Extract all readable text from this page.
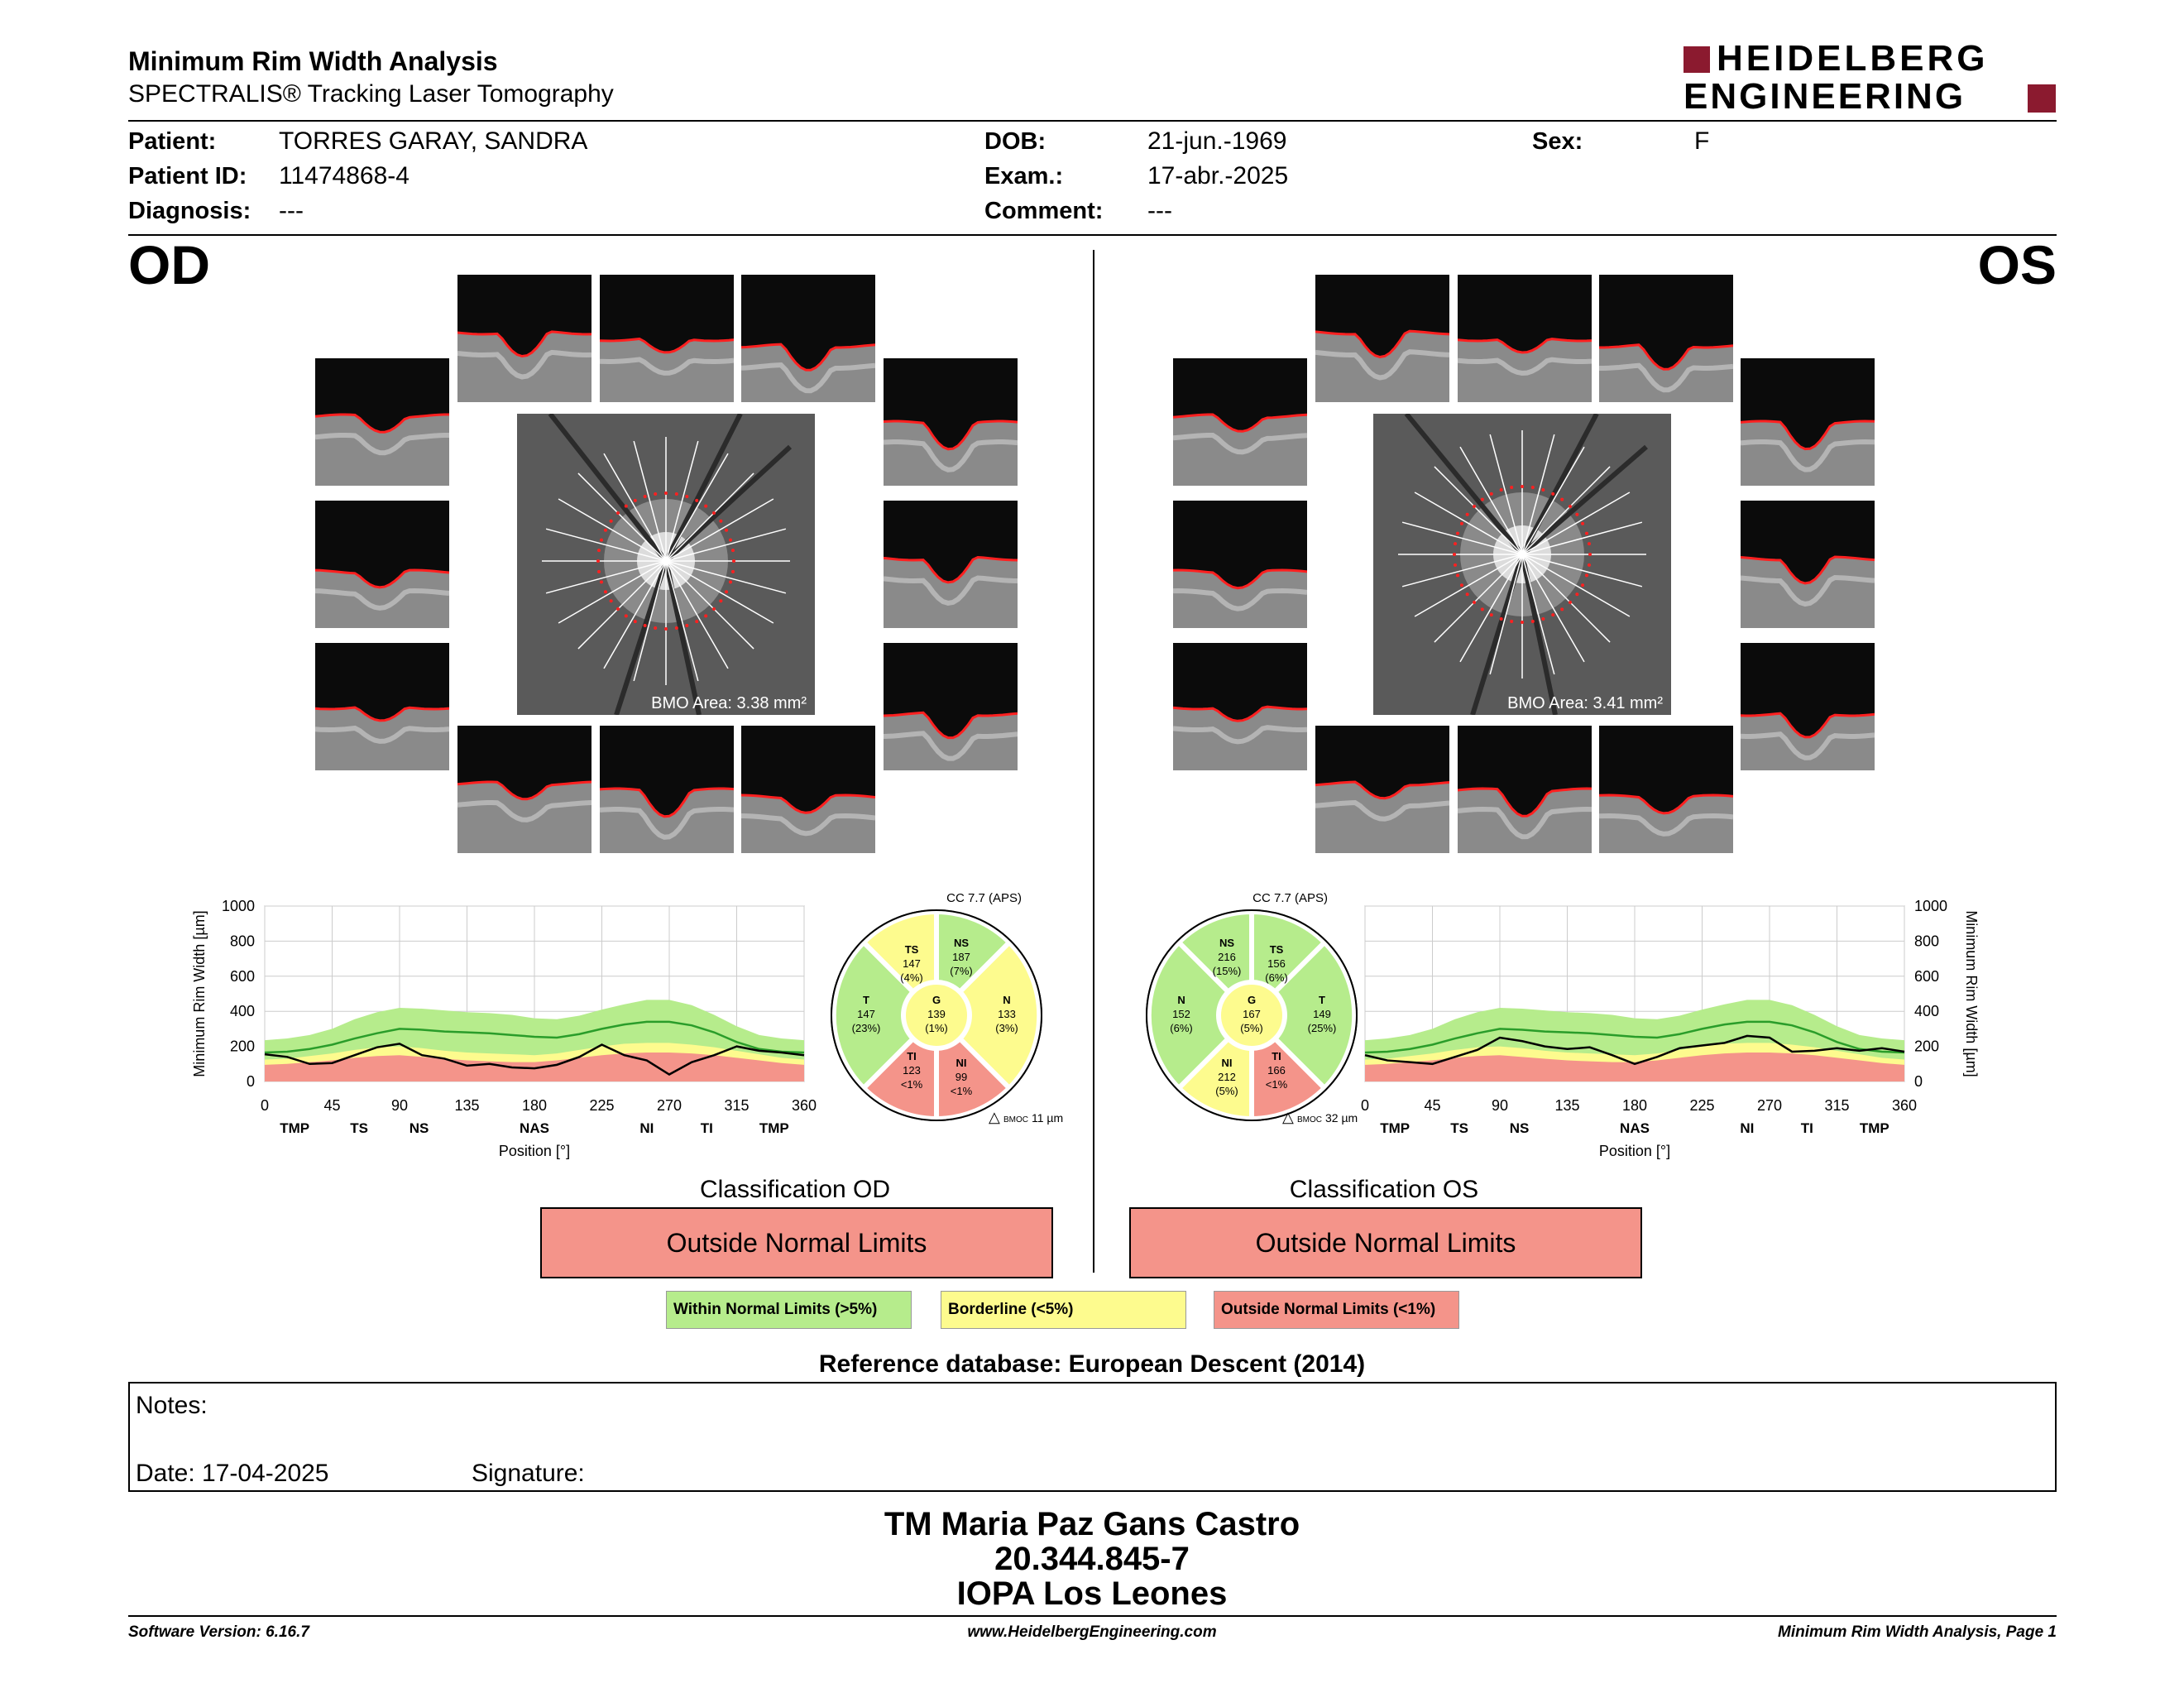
Minimum Rim Width Analysis
SPECTRALIS® Tracking Laser Tomography
HEIDELBERG
ENGINEERING
Patient:	TORRES GARAY, SANDRA
Patient ID: 11474868-4
Diagnosis: ---
DOB:	21-jun.-1969
Exam.:	17-abr.-2025
Comment: ---
Sex:	F
OD	OS
BMO Area: 3.38 mm²	BMO Area: 3.41 mm²
0	45	90	135	180	225	270	315	360
0
200
400
600
800
1000
TMP	TS	NS	NAS	NI	TI	TMP
Position [°]
Minimum Rim Width [µm]
0	45	90	135	180	225	270	315	360
0
200
400
600
800
1000
TMP	TS	NS	NAS	NI	TI	TMP
Position [°]
Minimum Rim Width [µm]
CC 7.7 (APS)
TS
147
(4%)
NS
187
(7%)
T
147
(23%)
N
133
(3%)
G
139
(1%)
TI
123
<1%
NI
99
<1%
△ BMOC 11 µm
CC 7.7 (APS)
NS
216
(15%)
TS
156
(6%)
N
152
(6%)
T
149
(25%)
G
167
(5%)
NI
212
(5%)
TI
166
<1%
△ BMOC 32 µm
Classification OD
Outside Normal Limits
Classification OS
Outside Normal Limits
Within Normal Limits (>5%)	Borderline (<5%)	Outside Normal Limits (<1%)
Reference database: European Descent (2014)
Notes:
Date: 17-04-2025	Signature:
TM Maria Paz Gans Castro
20.344.845-7
IOPA Los Leones
Software Version: 6.16.7	www.HeidelbergEngineering.com	Minimum Rim Width Analysis, Page 1
